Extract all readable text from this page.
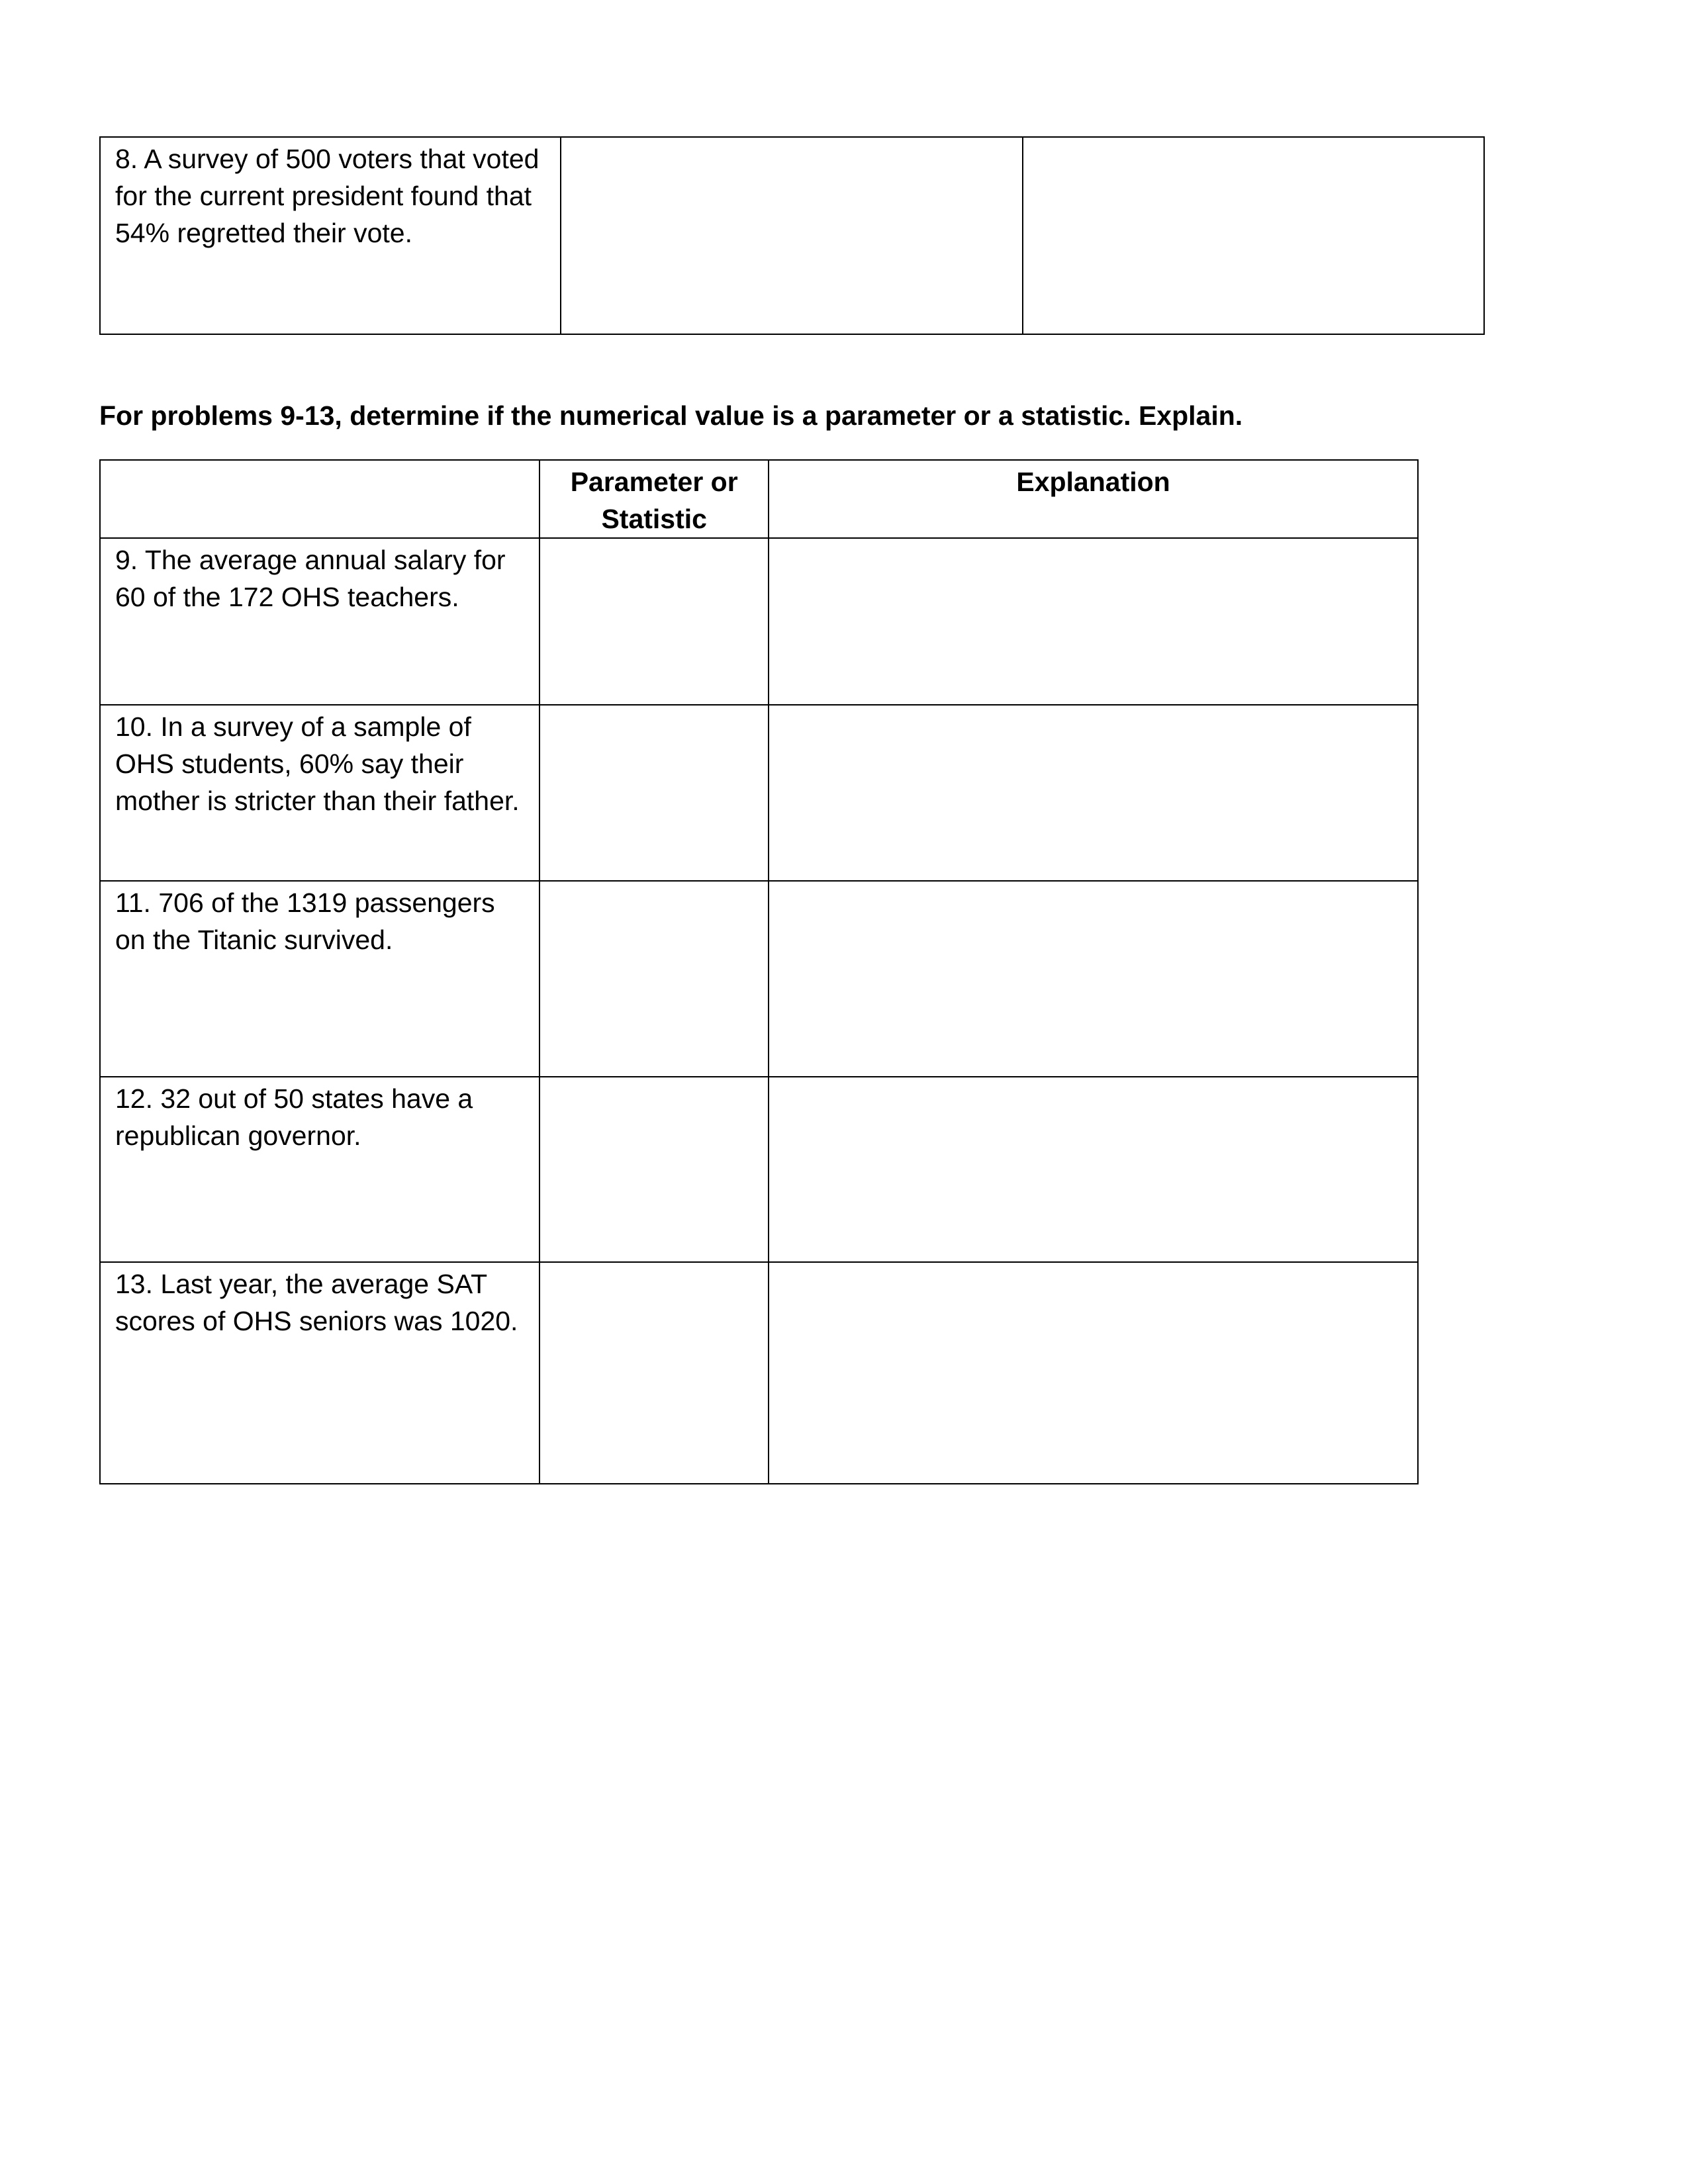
8. A survey of 500 voters that voted for the current president found that 54% regretted their vote.

For problems 9-13, determine if the numerical value is a parameter or a statistic. Explain.

	Parameter or Statistic	Explanation

9. The average annual salary for 60 of the 172 OHS teachers.		

10. In a survey of a sample of OHS students, 60% say their mother is stricter than their father.		

11. 706 of the 1319 passengers on the Titanic survived.		

12. 32 out of 50 states have a republican governor.		

13. Last year, the average SAT scores of OHS seniors was 1020.		
